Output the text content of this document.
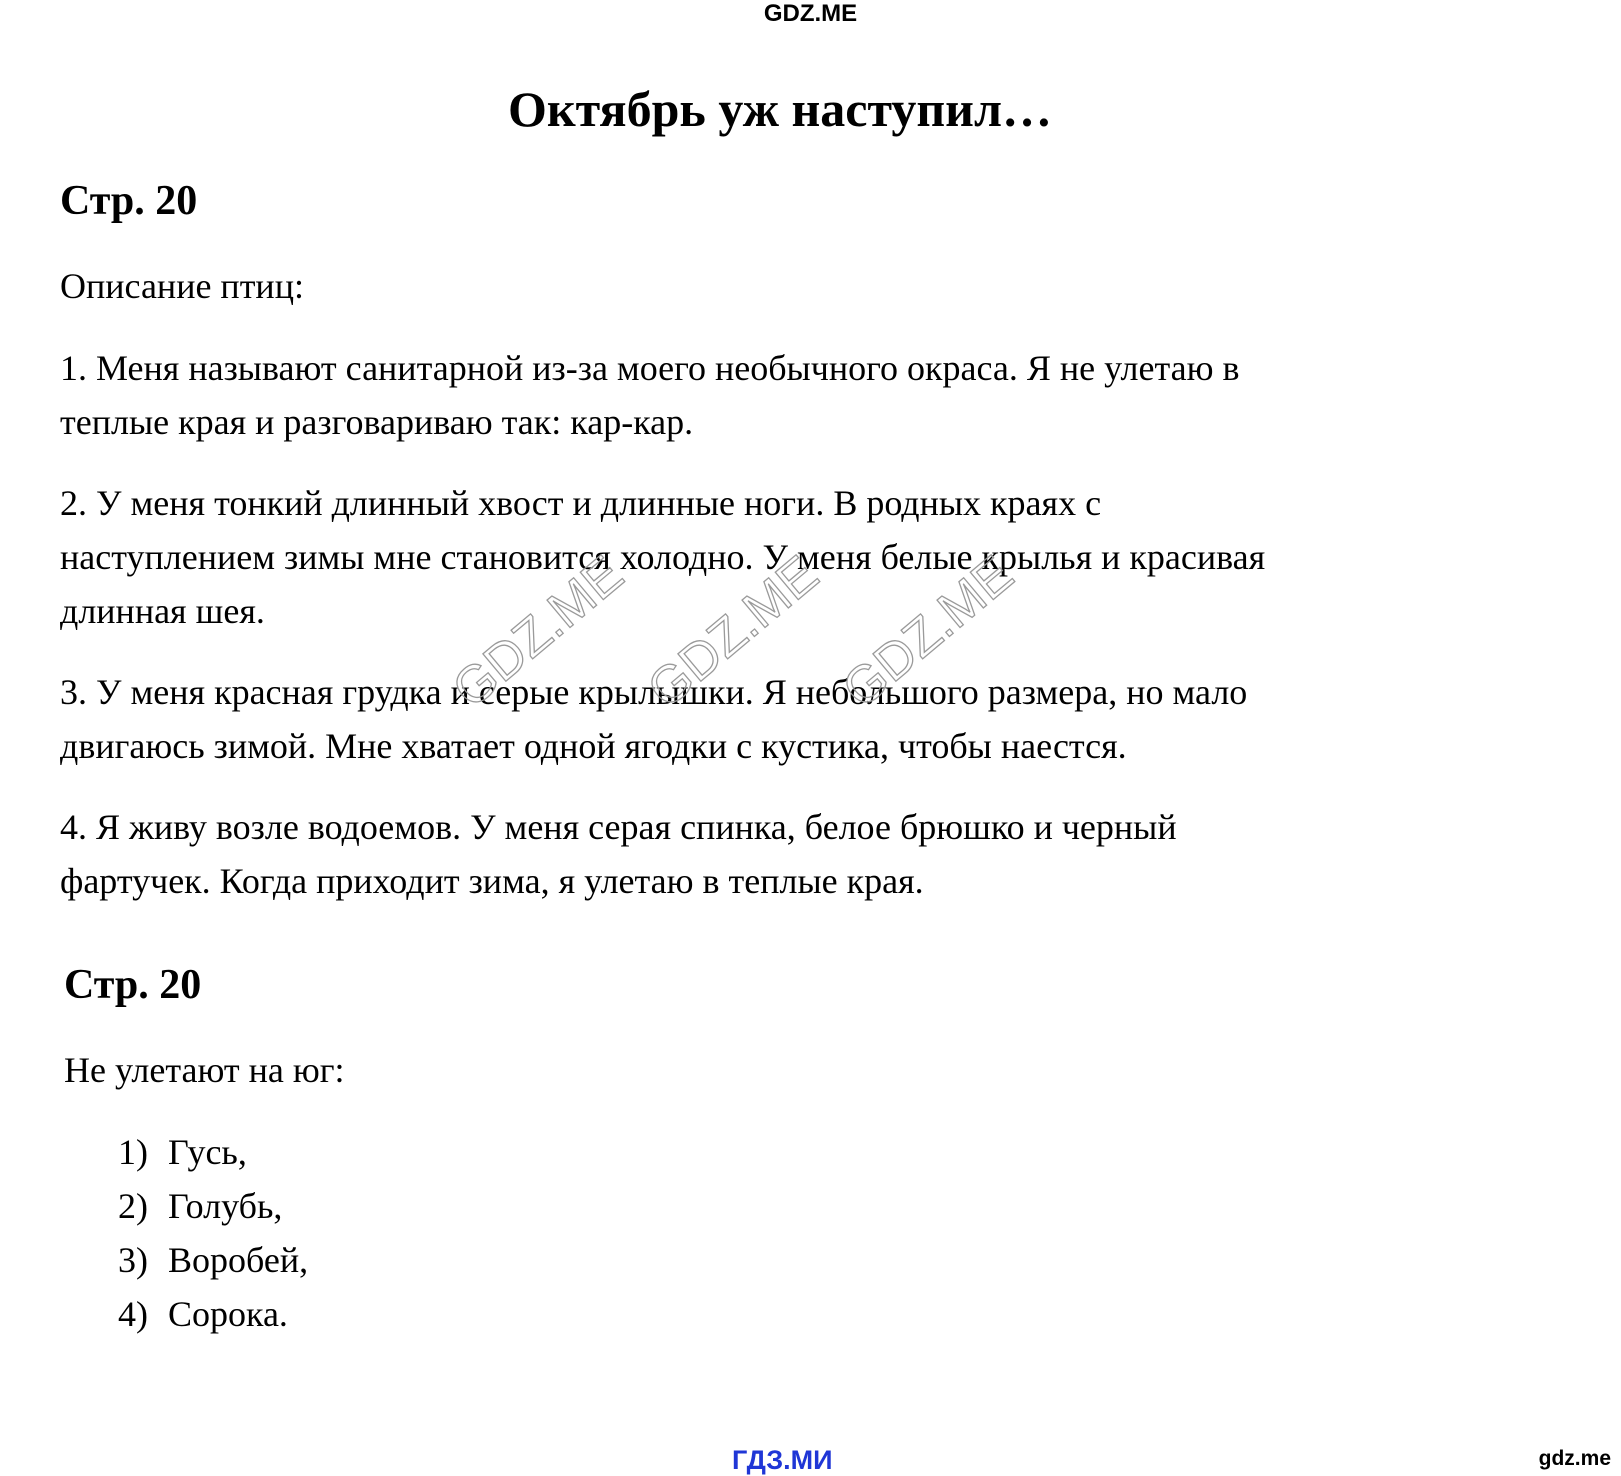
GDZ.ME
Октябрь уж наступил…
Стр. 20
Описание птиц:
1. Меня называют санитарной из-за моего необычного окраса. Я не улетаю в
теплые края и разговариваю так: кар-кар.
2. У меня тонкий длинный хвост и длинные ноги. В родных краях с
наступлением зимы мне становится холодно. У меня белые крылья и красивая
длинная шея.
3. У меня красная грудка и серые крылышки. Я небольшого размера, но мало
двигаюсь зимой. Мне хватает одной ягодки с кустика, чтобы наестся.
4. Я живу возле водоемов. У меня серая спинка, белое брюшко и черный
фартучек. Когда приходит зима, я улетаю в теплые края.
Стр. 20
Не улетают на юг:
1) Гусь,
2) Голубь,
3) Воробей,
4) Сорока.
GDZ.ME GDZ.ME GDZ.ME
gdz.me
ГДЗ.МИ
